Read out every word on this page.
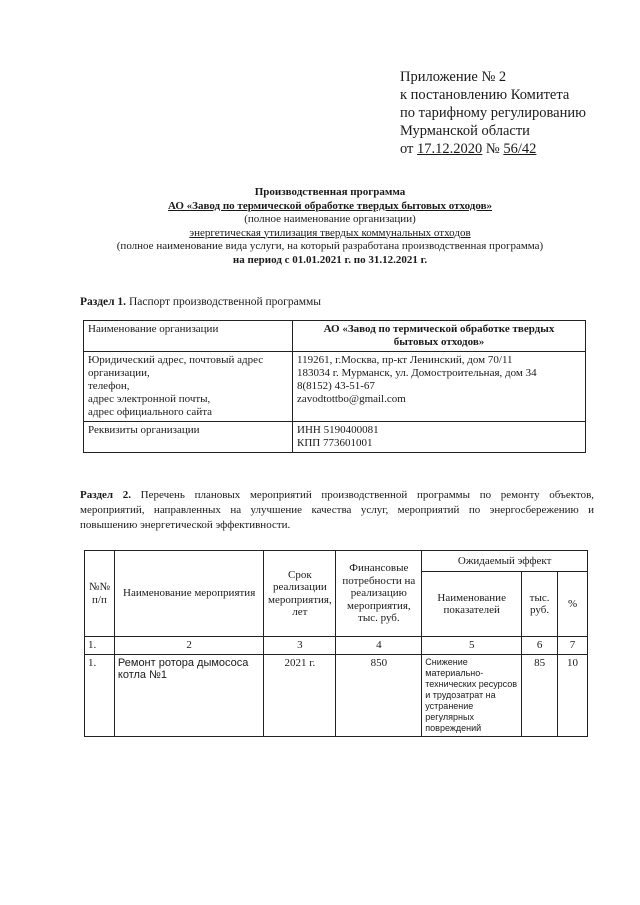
Приложение № 2
к постановлению Комитета
по тарифному регулированию
Мурманской области
от 17.12.2020 № 56/42
Производственная программа
АО «Завод по термической обработке твердых бытовых отходов»
(полное наименование организации)
энергетическая утилизация твердых коммунальных отходов
(полное наименование вида услуги, на который разработана производственная программа)
на период с 01.01.2021 г. по 31.12.2021 г.
Раздел 1. Паспорт производственной программы
Наименование организации	АО «Завод по термической обработке твердых
бытовых отходов»

Юридический адрес, почтовый адрес
организации,
телефон,
адрес электронной почты,
адрес официального сайта	119261, г.Москва, пр-кт Ленинский, дом 70/11
183034 г. Мурманск, ул. Домостроительная, дом 34
8(8152) 43-51-67
zavodtottbo@gmail.com

Реквизиты организации	ИНН 5190400081
КПП 773601001
Раздел 2. Перечень плановых мероприятий производственной программы по ремонту объектов, мероприятий, направленных на улучшение качества услуг, мероприятий по энергосбережению и повышению энергетической эффективности.
№№ п/п	Наименование мероприятия	Срок реализации мероприятия, лет	Финансовые потребности на реализацию мероприятия, тыс. руб.	Ожидаемый эффект		
				Наименование показателей	тыс. руб.	%
1.	2	3	4	5	6	7
1.	Ремонт ротора дымососа котла №1	2021 г.	850	Снижение материально-технических ресурсов и трудозатрат на устранение регулярных повреждений	85	10
